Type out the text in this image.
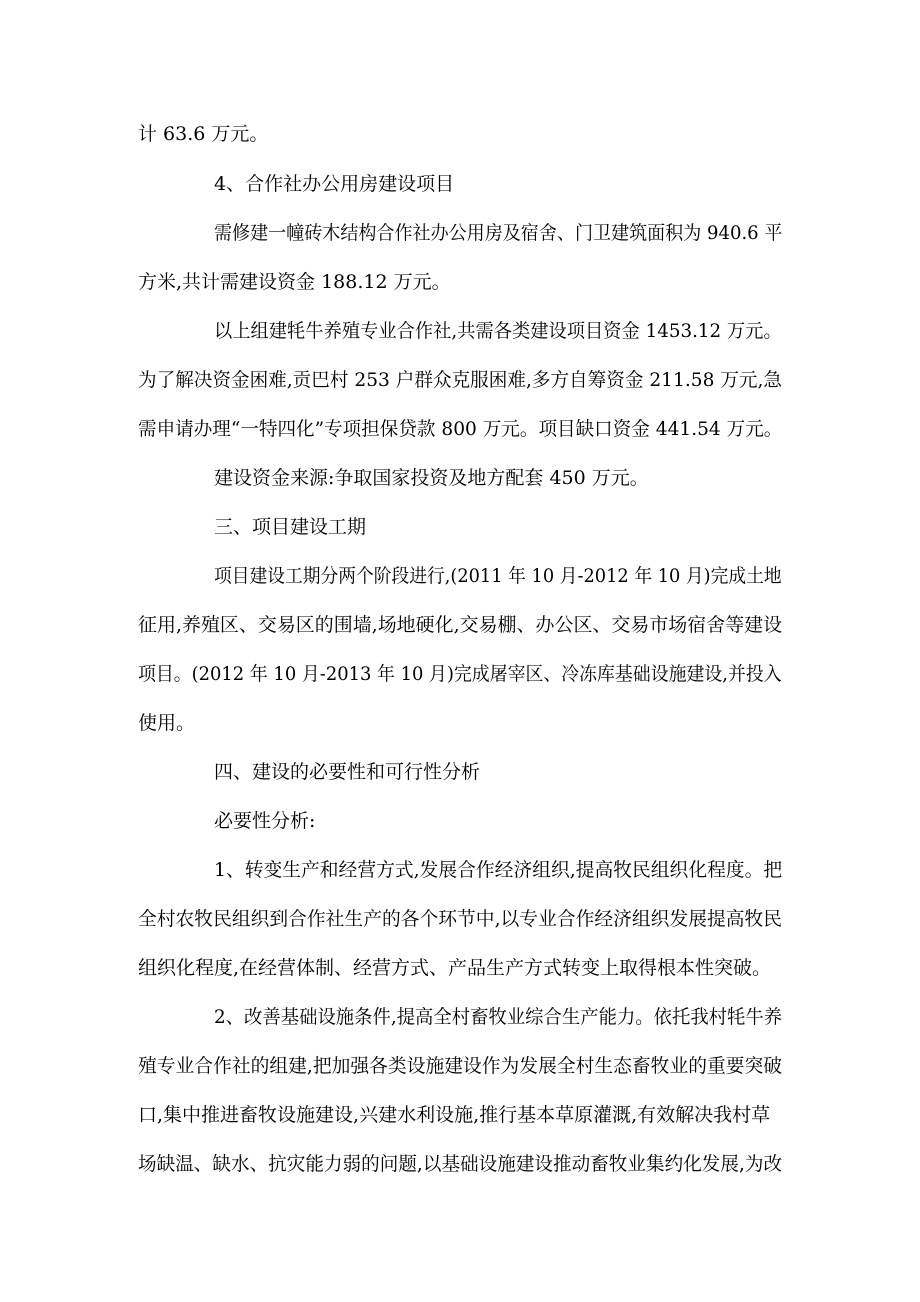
计 63.6 万元。
4、合作社办公用房建设项目
需修建一幢砖木结构合作社办公用房及宿舍、门卫建筑面积为 940.6 平
方米,共计需建设资金 188.12 万元。
以上组建牦牛养殖专业合作社,共需各类建设项目资金 1453.12 万元。
为了解决资金困难,贡巴村 253 户群众克服困难,多方自筹资金 211.58 万元,急
需申请办理“一特四化”专项担保贷款 800 万元。项目缺口资金 441.54 万元。
建设资金来源:争取国家投资及地方配套 450 万元。
三、项目建设工期
项目建设工期分两个阶段进行,(2011 年 10 月-2012 年 10 月)完成土地
征用,养殖区、交易区的围墙,场地硬化,交易棚、办公区、交易市场宿舍等建设
项目。(2012 年 10 月-2013 年 10 月)完成屠宰区、冷冻库基础设施建设,并投入
使用。
四、建设的必要性和可行性分析
必要性分析:
1、转变生产和经营方式,发展合作经济组织,提高牧民组织化程度。把
全村农牧民组织到合作社生产的各个环节中,以专业合作经济组织发展提高牧民
组织化程度,在经营体制、经营方式、产品生产方式转变上取得根本性突破。
2、改善基础设施条件,提高全村畜牧业综合生产能力。依托我村牦牛养
殖专业合作社的组建,把加强各类设施建设作为发展全村生态畜牧业的重要突破
口,集中推进畜牧设施建设,兴建水利设施,推行基本草原灌溉,有效解决我村草
场缺温、缺水、抗灾能力弱的问题,以基础设施建设推动畜牧业集约化发展,为改
